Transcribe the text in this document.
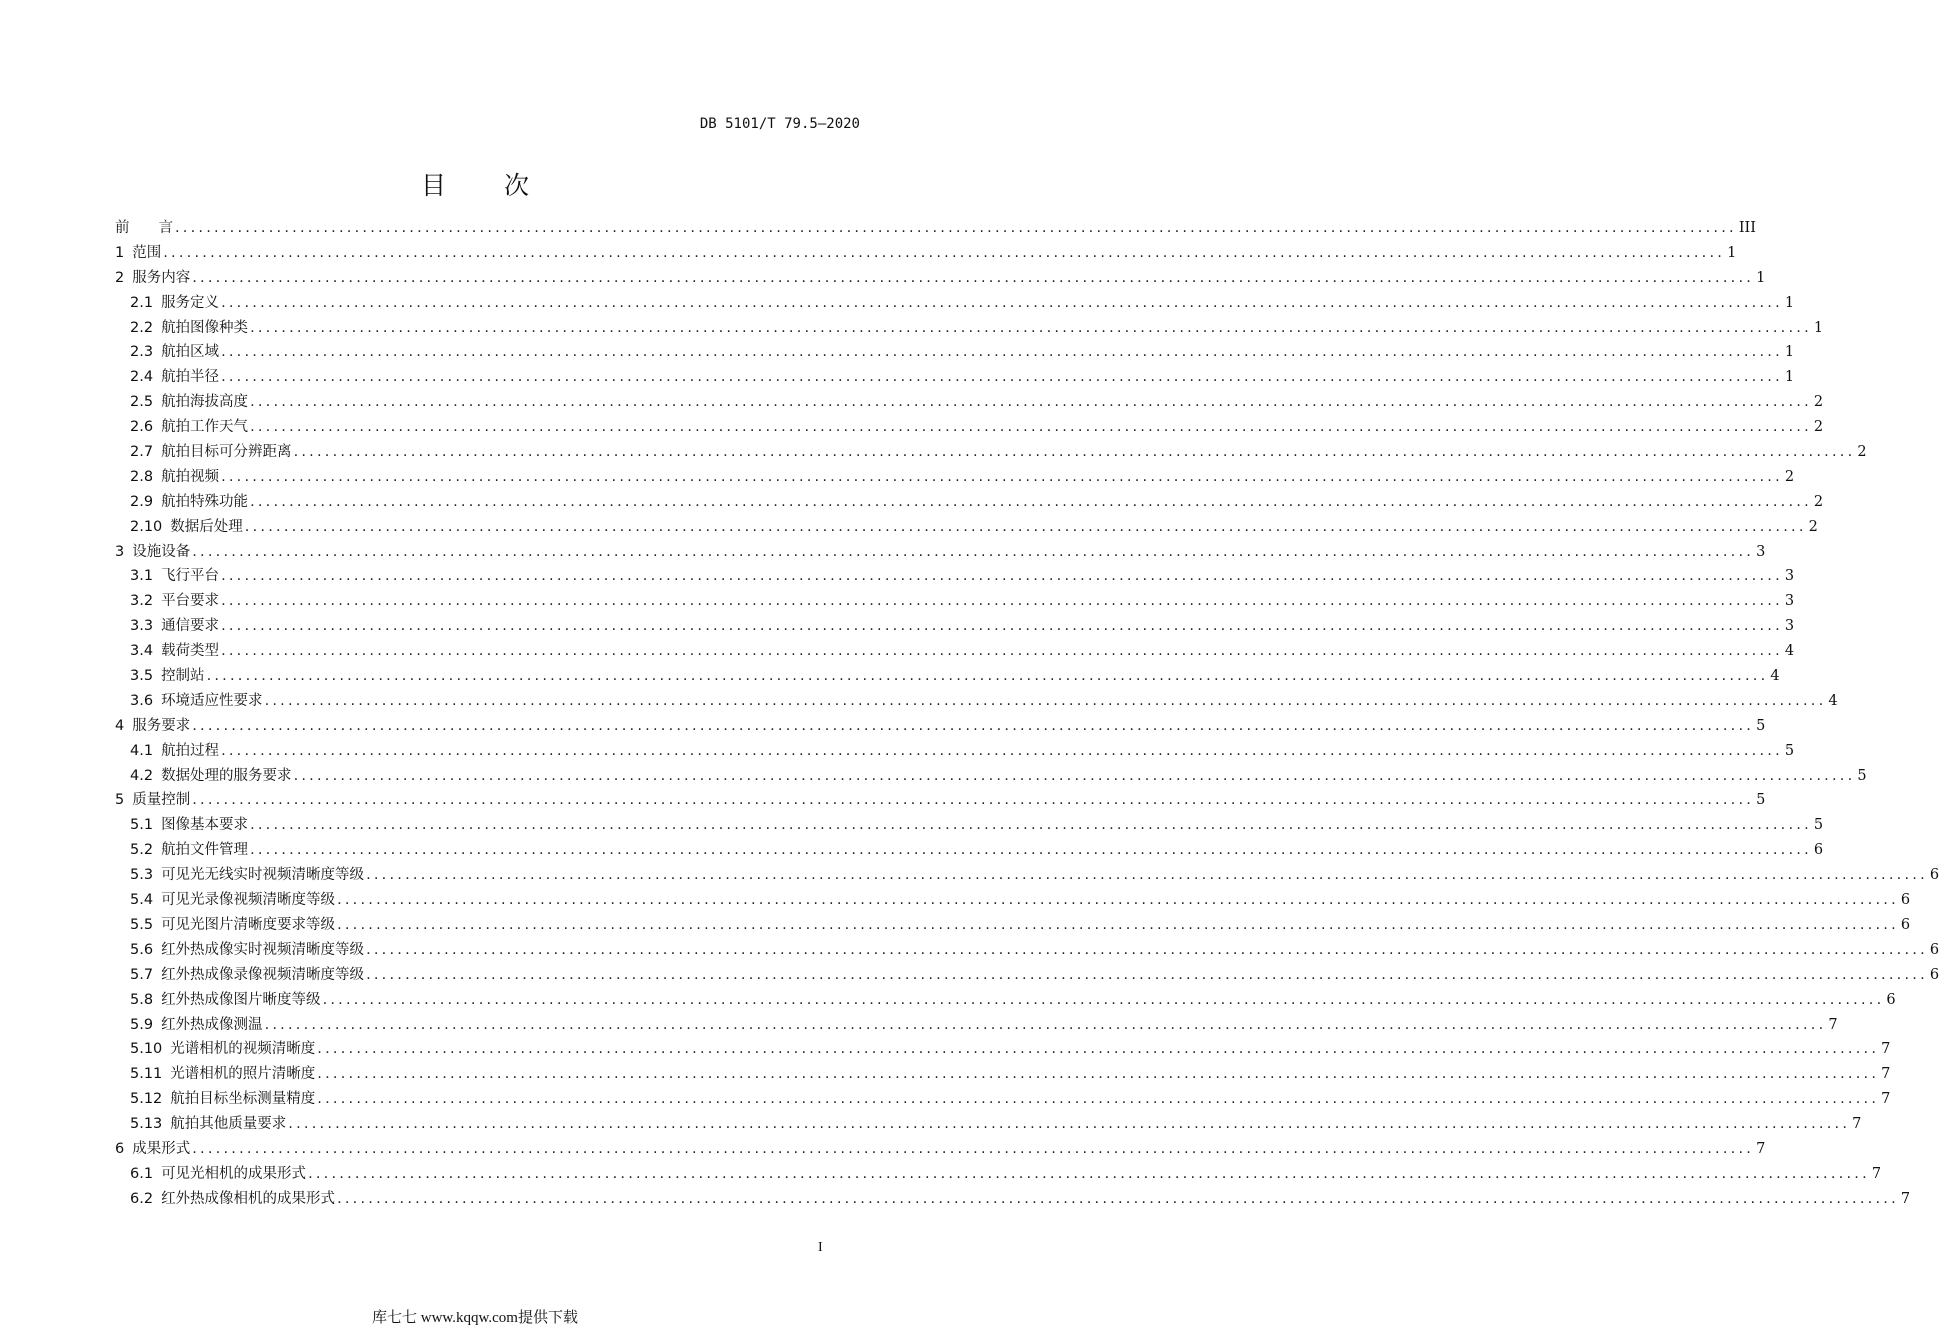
DB 5101/T 79.5—2020
目次
前　　言 ........................................................................................................................................................................................................ III
1 范围 ........................................................................................................................................................................................................ 1
2 服务内容 ........................................................................................................................................................................................................ 1
2.1 服务定义 ........................................................................................................................................................................................................ 1
2.2 航拍图像种类 ........................................................................................................................................................................................................ 1
2.3 航拍区域 ........................................................................................................................................................................................................ 1
2.4 航拍半径 ........................................................................................................................................................................................................ 1
2.5 航拍海拔高度 ........................................................................................................................................................................................................ 2
2.6 航拍工作天气 ........................................................................................................................................................................................................ 2
2.7 航拍目标可分辨距离 ........................................................................................................................................................................................................ 2
2.8 航拍视频 ........................................................................................................................................................................................................ 2
2.9 航拍特殊功能 ........................................................................................................................................................................................................ 2
2.10 数据后处理 ........................................................................................................................................................................................................ 2
3 设施设备 ........................................................................................................................................................................................................ 3
3.1 飞行平台 ........................................................................................................................................................................................................ 3
3.2 平台要求 ........................................................................................................................................................................................................ 3
3.3 通信要求 ........................................................................................................................................................................................................ 3
3.4 载荷类型 ........................................................................................................................................................................................................ 4
3.5 控制站 ........................................................................................................................................................................................................ 4
3.6 环境适应性要求 ........................................................................................................................................................................................................ 4
4 服务要求 ........................................................................................................................................................................................................ 5
4.1 航拍过程 ........................................................................................................................................................................................................ 5
4.2 数据处理的服务要求 ........................................................................................................................................................................................................ 5
5 质量控制 ........................................................................................................................................................................................................ 5
5.1 图像基本要求 ........................................................................................................................................................................................................ 5
5.2 航拍文件管理 ........................................................................................................................................................................................................ 6
5.3 可见光无线实时视频清晰度等级 ........................................................................................................................................................................................................ 6
5.4 可见光录像视频清晰度等级 ........................................................................................................................................................................................................ 6
5.5 可见光图片清晰度要求等级 ........................................................................................................................................................................................................ 6
5.6 红外热成像实时视频清晰度等级 ........................................................................................................................................................................................................ 6
5.7 红外热成像录像视频清晰度等级 ........................................................................................................................................................................................................ 6
5.8 红外热成像图片晰度等级 ........................................................................................................................................................................................................ 6
5.9 红外热成像测温 ........................................................................................................................................................................................................ 7
5.10 光谱相机的视频清晰度 ........................................................................................................................................................................................................ 7
5.11 光谱相机的照片清晰度 ........................................................................................................................................................................................................ 7
5.12 航拍目标坐标测量精度 ........................................................................................................................................................................................................ 7
5.13 航拍其他质量要求 ........................................................................................................................................................................................................ 7
6 成果形式 ........................................................................................................................................................................................................ 7
6.1 可见光相机的成果形式 ........................................................................................................................................................................................................ 7
6.2 红外热成像相机的成果形式 ........................................................................................................................................................................................................ 7
I
库七七 www.kqqw.com提供下载
